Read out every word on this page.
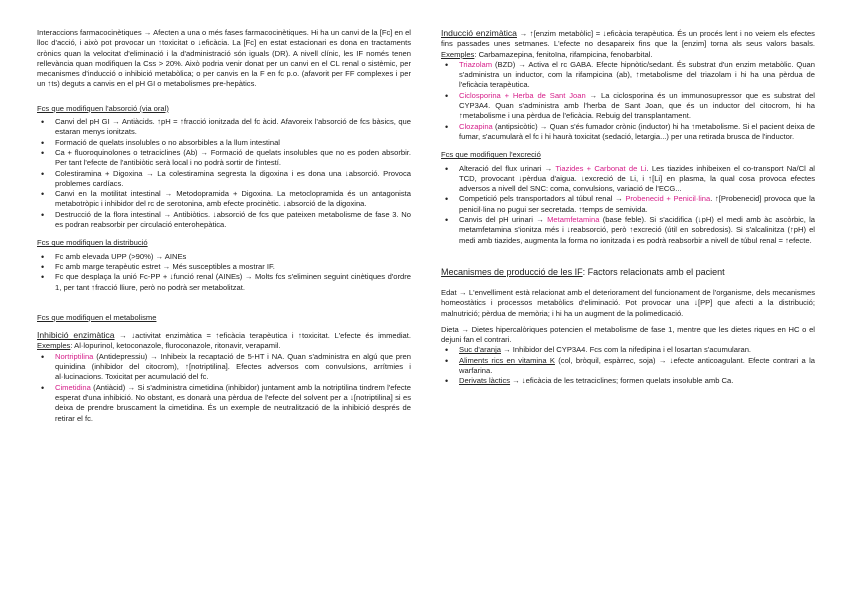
Interaccions farmacocinètiques → Afecten a una o més fases farmacocinètiques. Hi ha un canvi de la [Fc] en el lloc d'acció, i això pot provocar un ↑toxicitat o ↓eficàcia. La [Fc] en estat estacionari es dona en tractaments crònics quan la velocitat d'eliminació i la d'administració són iguals (DR). A nivell clínic, les IF només tenen rellevància quan modifiquen la Css > 20%. Això podria venir donat per un canvi en el CL renal o sistèmic, per mecanismes d'inducció o inhibició metabòlica; o per canvis en la F en fc p.o. (afavorit per FF complexes i per un ↑ts) deguts a canvis en el pH GI o metabolismes pre-hepàtics.

Fcs que modifiquen l'absorció (via oral)

• Canvi del pH GI → Antiàcids. ↑pH = ↑fracció ionitzada del fc àcid. Afavoreix l'absorció de fcs bàsics, que estaran menys ionitzats.
• Formació de quelats insolubles o no absorbibles a la llum intestinal
• Ca + fluoroquinolones o tetraciclines (Ab) → Formació de quelats insolubles que no es poden absorbir. Per tant l'efecte de l'antibiòtic serà local i no podrà sortir de l'intestí.
• Colestiramina + Digoxina → La colestiramina segresta la digoxina i es dona una ↓absorció. Provoca problemes cardíacs.
• Canvi en la motilitat intestinal → Metodopramida + Digoxina. La metoclopramida és un antagonista metabotròpic i inhibidor del rc de serotonina, amb efecte procinètic. ↓absorció de la digoxina.
• Destrucció de la flora intestinal → Antibiòtics. ↓absorció de fcs que pateixen metabolisme de fase 3. No es podran reabsorbir per circulació enterohepàtica.

Fcs que modifiquen la distribució

• Fc amb elevada UPP (>90%) → AINEs
• Fc amb marge terapèutic estret → Més susceptibles a mostrar IF.
• Fc que desplaça la unió Fc-PP + ↓funció renal (AINEs) → Molts fcs s'eliminen seguint cinètiques d'ordre 1, per tant ↑fracció lliure, però no podrà ser metabolitzat.

Fcs que modifiquen el metabolisme

Inhibició enzimàtica → ↓activitat enzimàtica = ↑eficàcia terapèutica i ↑toxicitat. L'efecte és immediat. Exemples: Al·lopurinol, ketoconazole, fluroconazole, ritonavir, verapamil.

• Nortriptilina (Antidepressiu) → Inhibeix la recaptació de 5-HT i NA. Quan s'administra en algú que pren quinidina (inhibidor del citocrom), ↑[notriptilina]. Efectes adversos com convulsions, arrítmies i al·lucinacions. Toxicitat per acumulació del fc.
• Cimetidina (Antiàcid) → Si s'administra cimetidina (inhibidor) juntament amb la notriptilina tindrem l'efecte esperat d'una inhibició. No obstant, es donarà una pèrdua de l'efecte del solvent per a ↓[notriptilina] si es deixa de prendre bruscament la cimetidina. És un exemple de neutralització de la inhibició després de retirar el fc.

Inducció enzimàtica → ↑[enzim metabòlic] = ↓eficàcia terapèutica. És un procés lent i no veiem els efectes fins passades unes setmanes. L'efecte no desapareix fins que la [enzim] torna als seus valors basals. Exemples: Carbamazepina, fenitoïna, rifampicina, fenobarbital.

• Triazolam (BZD) → Activa el rc GABA. Efecte hipnòtic/sedant. És substrat d'un enzim metabòlic. Quan s'administra un inductor, com la rifampicina (ab), ↑metabolisme del triazolam i hi ha una pèrdua de l'eficàcia terapèutica.
• Ciclosporina + Herba de Sant Joan → La ciclosporina és un immunosupressor que es substrat del CYP3A4. Quan s'administra amb l'herba de Sant Joan, que és un inductor del citocrom, hi ha ↑metabolisme i una pèrdua de l'eficàcia. Rebuig del transplantament.
• Clozapina (antipsicòtic) → Quan s'és fumador crònic (inductor) hi ha ↑metabolisme. Si el pacient deixa de fumar, s'acumularà el fc i hi haurà toxicitat (sedació, letargia...) per una retirada brusca de l'inductor.

Fcs que modifiquen l'excreció

• Alteració del flux urinari → Tiazides + Carbonat de Li. Les tiazides inhibeixen el co-transport Na/Cl al TCD, provocant ↓pèrdua d'aigua. ↓excreció de Li, i ↑[Li] en plasma, la qual cosa provoca efectes adversos a nivell del SNC: coma, convulsions, variació de l'ECG...
• Competició pels transportadors al túbul renal → Probenecid + Penicil·lina. ↑[Probenecid] provoca que la penicil·lina no pugui ser secretada. ↑temps de semivida.
• Canvis del pH urinari → Metamfetamina (base feble). Si s'acidifica (↓pH) el medi amb àc ascòrbic, la metamfetamina s'ionitza més i ↓reabsorció, però ↑excreció (útil en sobredosis). Si s'alcalinitza (↑pH) el medi amb tiazides, augmenta la forma no ionitzada i es podrà reabsorbir a nivell de túbul renal = ↑efecte.

Mecanismes de producció de les IF: Factors relacionats amb el pacient

Edat → L'envelliment està relacionat amb el deteriorament del funcionament de l'organisme, dels mecanismes homeostàtics i processos metabòlics d'eliminació. Pot provocar una ↓[PP] que afecti a la distribució; malnutrició; pèrdua de memòria; i hi ha un augment de la polimedicació.

Dieta → Dietes hipercalòriques potencien el metabolisme de fase 1, mentre que les dietes riques en HC o el dejuni fan el contrari.

• Suc d'aranja → Inhibidor del CYP3A4. Fcs com la nifedipina i el losartan s'acumularan.
• Aliments rics en vitamina K (col, bròquil, espàrrec, soja) → ↓efecte anticoagulant. Efecte contrari a la warfarina.
• Derivats làctics → ↓eficàcia de les tetraciclines; formen quelats insoluble amb Ca.
